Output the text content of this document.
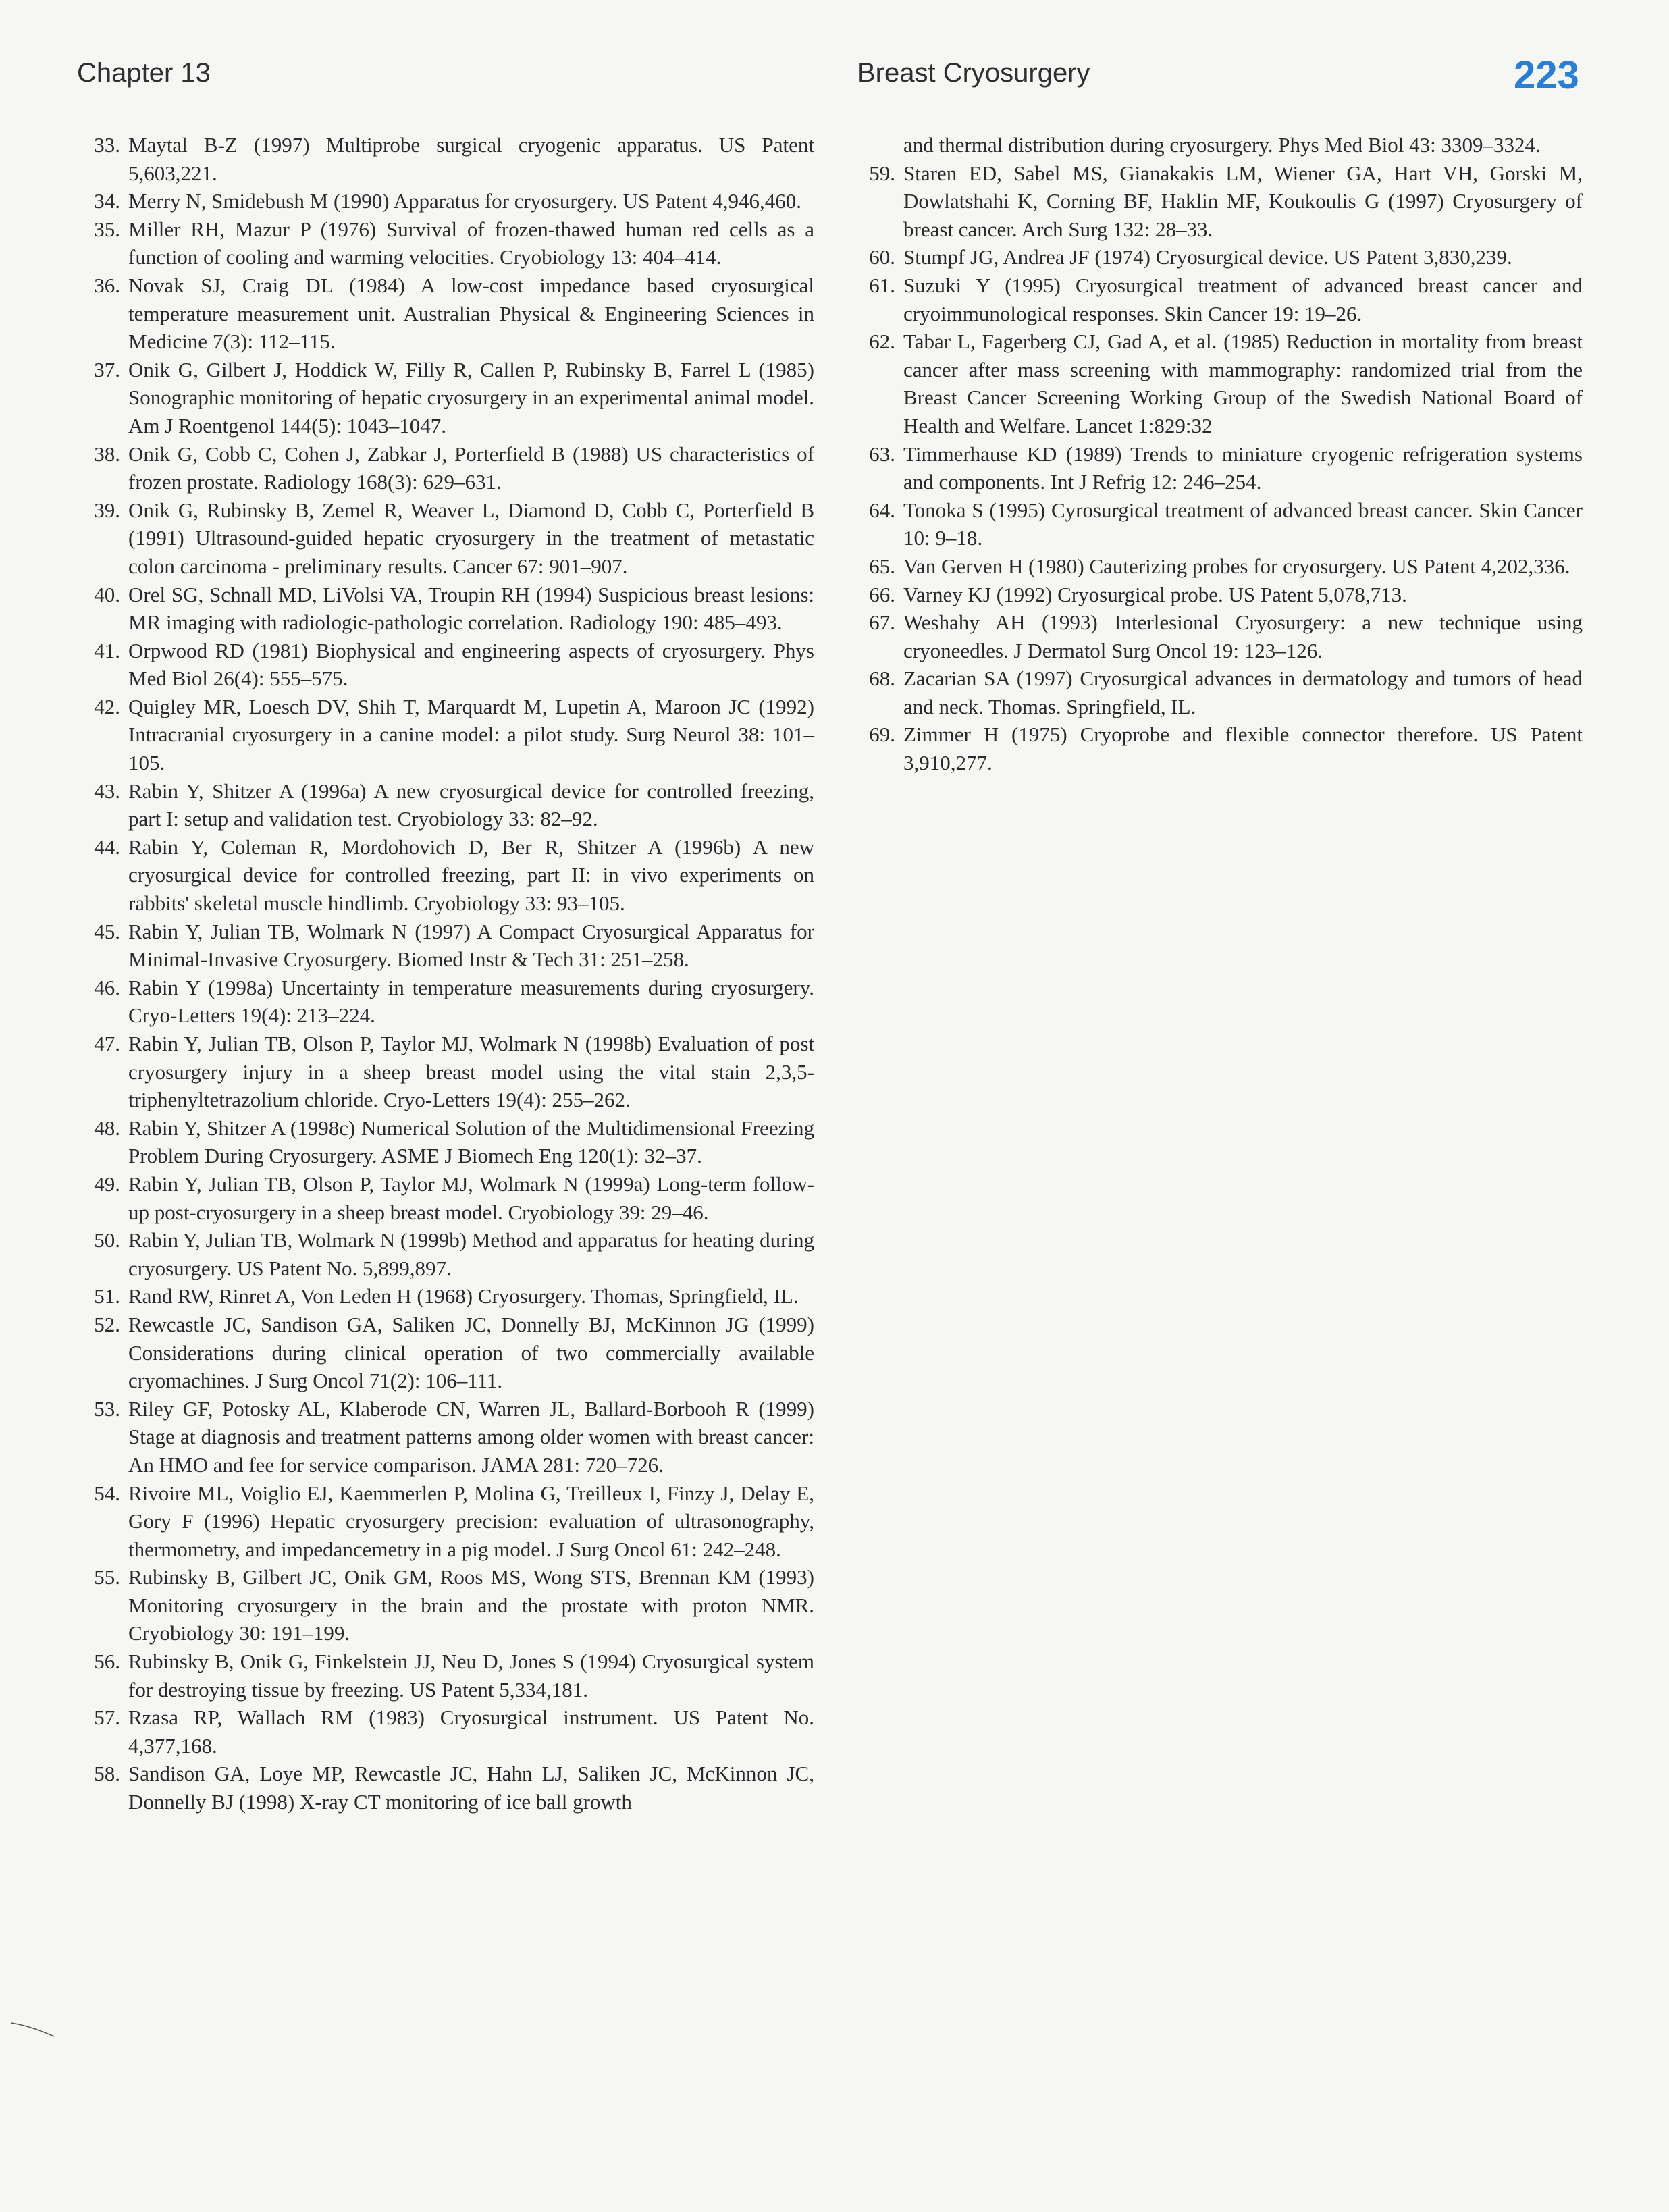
Chapter 13	Breast Cryosurgery	223
33. Maytal B-Z (1997) Multiprobe surgical cryogenic apparatus. US Patent 5,603,221.
34. Merry N, Smidebush M (1990) Apparatus for cryosurgery. US Patent 4,946,460.
35. Miller RH, Mazur P (1976) Survival of frozen-thawed human red cells as a function of cooling and warming velocities. Cryobiology 13: 404–414.
36. Novak SJ, Craig DL (1984) A low-cost impedance based cryosurgical temperature measurement unit. Australian Physical & Engineering Sciences in Medicine 7(3): 112–115.
37. Onik G, Gilbert J, Hoddick W, Filly R, Callen P, Rubinsky B, Farrel L (1985) Sonographic monitoring of hepatic cryosurgery in an experimental animal model. Am J Roentgenol 144(5): 1043–1047.
38. Onik G, Cobb C, Cohen J, Zabkar J, Porterfield B (1988) US characteristics of frozen prostate. Radiology 168(3): 629–631.
39. Onik G, Rubinsky B, Zemel R, Weaver L, Diamond D, Cobb C, Porterfield B (1991) Ultrasound-guided hepatic cryosurgery in the treatment of metastatic colon carcinoma - preliminary results. Cancer 67: 901–907.
40. Orel SG, Schnall MD, LiVolsi VA, Troupin RH (1994) Suspicious breast lesions: MR imaging with radiologic-pathologic correlation. Radiology 190: 485–493.
41. Orpwood RD (1981) Biophysical and engineering aspects of cryosurgery. Phys Med Biol 26(4): 555–575.
42. Quigley MR, Loesch DV, Shih T, Marquardt M, Lupetin A, Maroon JC (1992) Intracranial cryosurgery in a canine model: a pilot study. Surg Neurol 38: 101–105.
43. Rabin Y, Shitzer A (1996a) A new cryosurgical device for controlled freezing, part I: setup and validation test. Cryobiology 33: 82–92.
44. Rabin Y, Coleman R, Mordohovich D, Ber R, Shitzer A (1996b) A new cryosurgical device for controlled freezing, part II: in vivo experiments on rabbits' skeletal muscle hindlimb. Cryobiology 33: 93–105.
45. Rabin Y, Julian TB, Wolmark N (1997) A Compact Cryosurgical Apparatus for Minimal-Invasive Cryosurgery. Biomed Instr & Tech 31: 251–258.
46. Rabin Y (1998a) Uncertainty in temperature measurements during cryosurgery. Cryo-Letters 19(4): 213–224.
47. Rabin Y, Julian TB, Olson P, Taylor MJ, Wolmark N (1998b) Evaluation of post cryosurgery injury in a sheep breast model using the vital stain 2,3,5-triphenyltetrazolium chloride. Cryo-Letters 19(4): 255–262.
48. Rabin Y, Shitzer A (1998c) Numerical Solution of the Multidimensional Freezing Problem During Cryosurgery. ASME J Biomech Eng 120(1): 32–37.
49. Rabin Y, Julian TB, Olson P, Taylor MJ, Wolmark N (1999a) Long-term follow-up post-cryosurgery in a sheep breast model. Cryobiology 39: 29–46.
50. Rabin Y, Julian TB, Wolmark N (1999b) Method and apparatus for heating during cryosurgery. US Patent No. 5,899,897.
51. Rand RW, Rinret A, Von Leden H (1968) Cryosurgery. Thomas, Springfield, IL.
52. Rewcastle JC, Sandison GA, Saliken JC, Donnelly BJ, McKinnon JG (1999) Considerations during clinical operation of two commercially available cryomachines. J Surg Oncol 71(2): 106–111.
53. Riley GF, Potosky AL, Klaberode CN, Warren JL, Ballard-Borbooh R (1999) Stage at diagnosis and treatment patterns among older women with breast cancer: An HMO and fee for service comparison. JAMA 281: 720–726.
54. Rivoire ML, Voiglio EJ, Kaemmerlen P, Molina G, Treilleux I, Finzy J, Delay E, Gory F (1996) Hepatic cryosurgery precision: evaluation of ultrasonography, thermometry, and impedancemetry in a pig model. J Surg Oncol 61: 242–248.
55. Rubinsky B, Gilbert JC, Onik GM, Roos MS, Wong STS, Brennan KM (1993) Monitoring cryosurgery in the brain and the prostate with proton NMR. Cryobiology 30: 191–199.
56. Rubinsky B, Onik G, Finkelstein JJ, Neu D, Jones S (1994) Cryosurgical system for destroying tissue by freezing. US Patent 5,334,181.
57. Rzasa RP, Wallach RM (1983) Cryosurgical instrument. US Patent No. 4,377,168.
58. Sandison GA, Loye MP, Rewcastle JC, Hahn LJ, Saliken JC, McKinnon JC, Donnelly BJ (1998) X-ray CT monitoring of ice ball growth
and thermal distribution during cryosurgery. Phys Med Biol 43: 3309–3324.
59. Staren ED, Sabel MS, Gianakakis LM, Wiener GA, Hart VH, Gorski M, Dowlatshahi K, Corning BF, Haklin MF, Koukoulis G (1997) Cryosurgery of breast cancer. Arch Surg 132: 28–33.
60. Stumpf JG, Andrea JF (1974) Cryosurgical device. US Patent 3,830,239.
61. Suzuki Y (1995) Cryosurgical treatment of advanced breast cancer and cryoimmunological responses. Skin Cancer 19: 19–26.
62. Tabar L, Fagerberg CJ, Gad A, et al. (1985) Reduction in mortality from breast cancer after mass screening with mammography: randomized trial from the Breast Cancer Screening Working Group of the Swedish National Board of Health and Welfare. Lancet 1:829:32
63. Timmerhause KD (1989) Trends to miniature cryogenic refrigeration systems and components. Int J Refrig 12: 246–254.
64. Tonoka S (1995) Cyrosurgical treatment of advanced breast cancer. Skin Cancer 10: 9–18.
65. Van Gerven H (1980) Cauterizing probes for cryosurgery. US Patent 4,202,336.
66. Varney KJ (1992) Cryosurgical probe. US Patent 5,078,713.
67. Weshahy AH (1993) Interlesional Cryosurgery: a new technique using cryoneedles. J Dermatol Surg Oncol 19: 123–126.
68. Zacarian SA (1997) Cryosurgical advances in dermatology and tumors of head and neck. Thomas. Springfield, IL.
69. Zimmer H (1975) Cryoprobe and flexible connector therefore. US Patent 3,910,277.
